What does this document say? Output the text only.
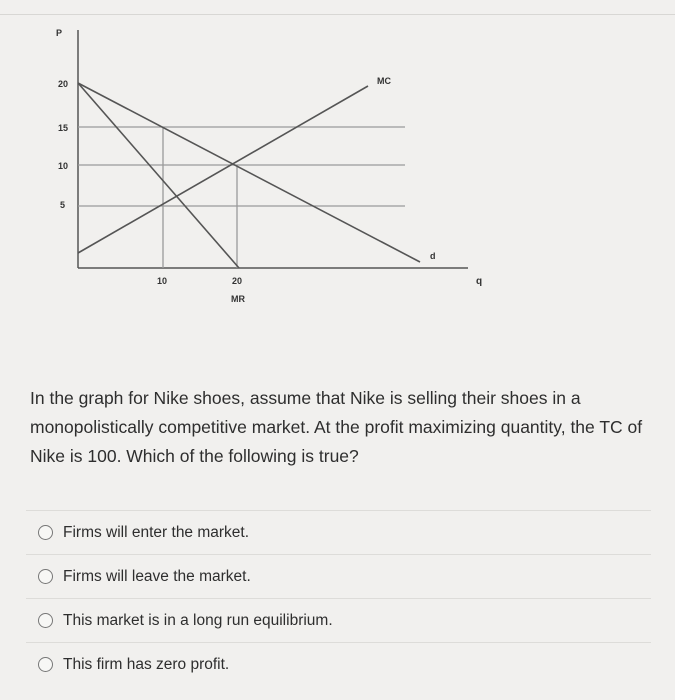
P
q
20
15
10
5
10	20
MC
MR
d

In the graph for Nike shoes, assume that Nike is selling their shoes in a monopolistically competitive market. At the profit maximizing quantity, the TC of Nike is 100. Which of the following is true?

Firms will enter the market.
Firms will leave the market.
This market is in a long run equilibrium.
This firm has zero profit.
